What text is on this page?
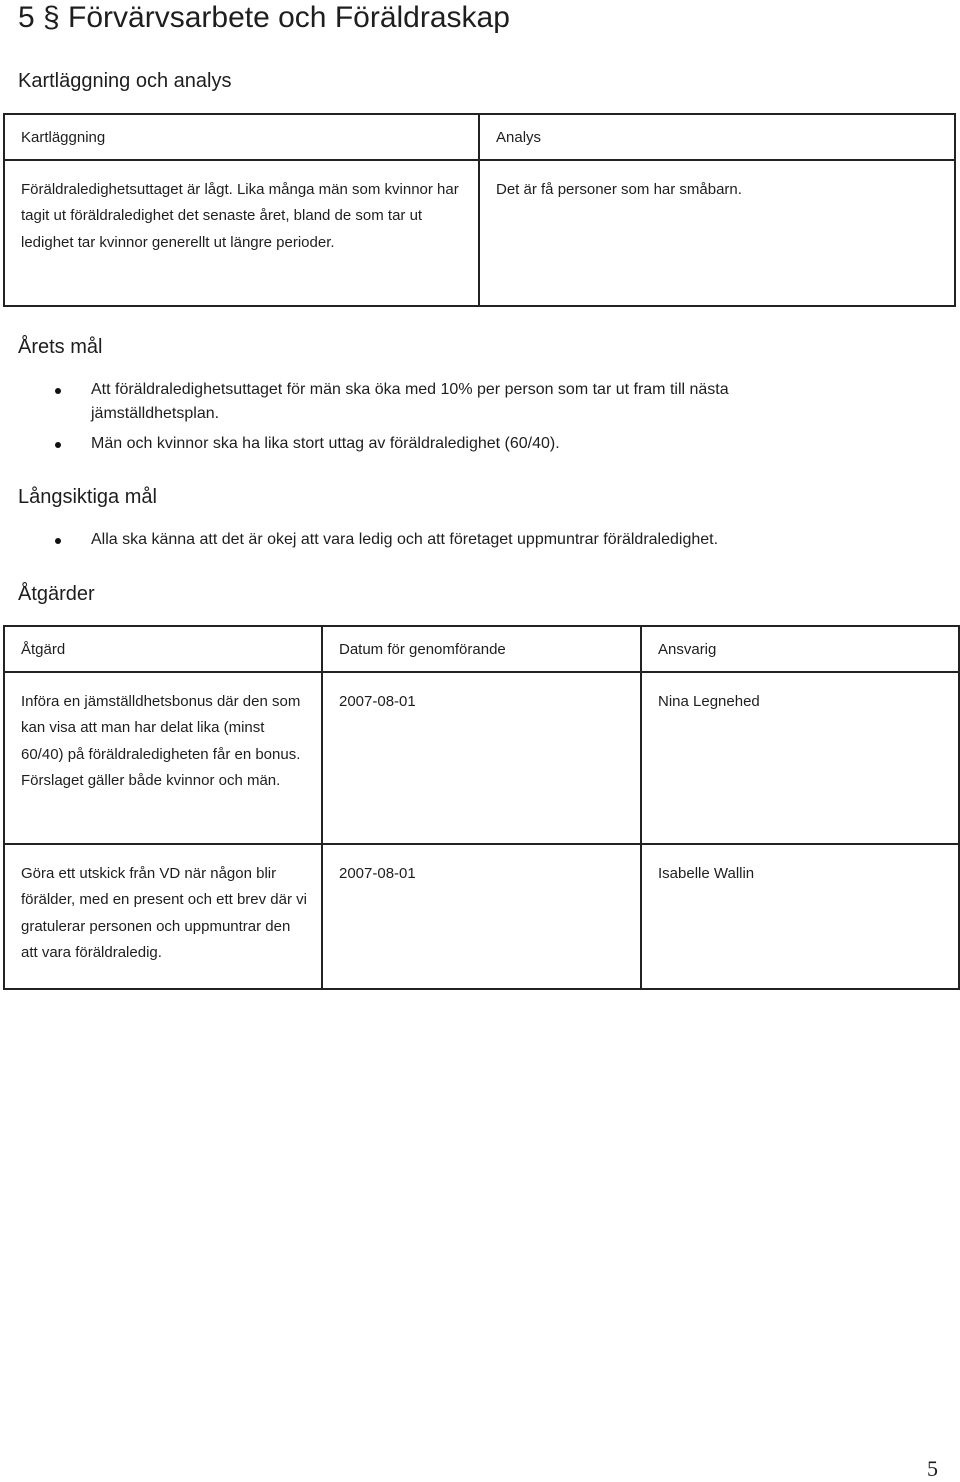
5 § Förvärvsarbete och Föräldraskap
Kartläggning och analys
Kartläggning	Analys
Föräldraledighetsuttaget är lågt. Lika många män som kvinnor har tagit ut föräldraledighet det senaste året, bland de som tar ut ledighet tar kvinnor generellt ut längre perioder.	Det är få personer som har småbarn.
Årets mål
Att föräldraledighetsuttaget för män ska öka med 10% per person som tar ut fram till nästa jämställdhetsplan.
Män och kvinnor ska ha lika stort uttag av föräldraledighet (60/40).
Långsiktiga mål
Alla ska känna att det är okej att vara ledig och att företaget uppmuntrar föräldraledighet.
Åtgärder
Åtgärd	Datum för genomförande	Ansvarig
Införa en jämställdhetsbonus där den som kan visa att man har delat lika (minst 60/40) på föräldraledigheten får en bonus. Förslaget gäller både kvinnor och män.	2007-08-01	Nina Legnehed
Göra ett utskick från VD när någon blir förälder, med en present och ett brev där vi gratulerar personen och uppmuntrar den att vara föräldraledig.	2007-08-01	Isabelle Wallin
5
